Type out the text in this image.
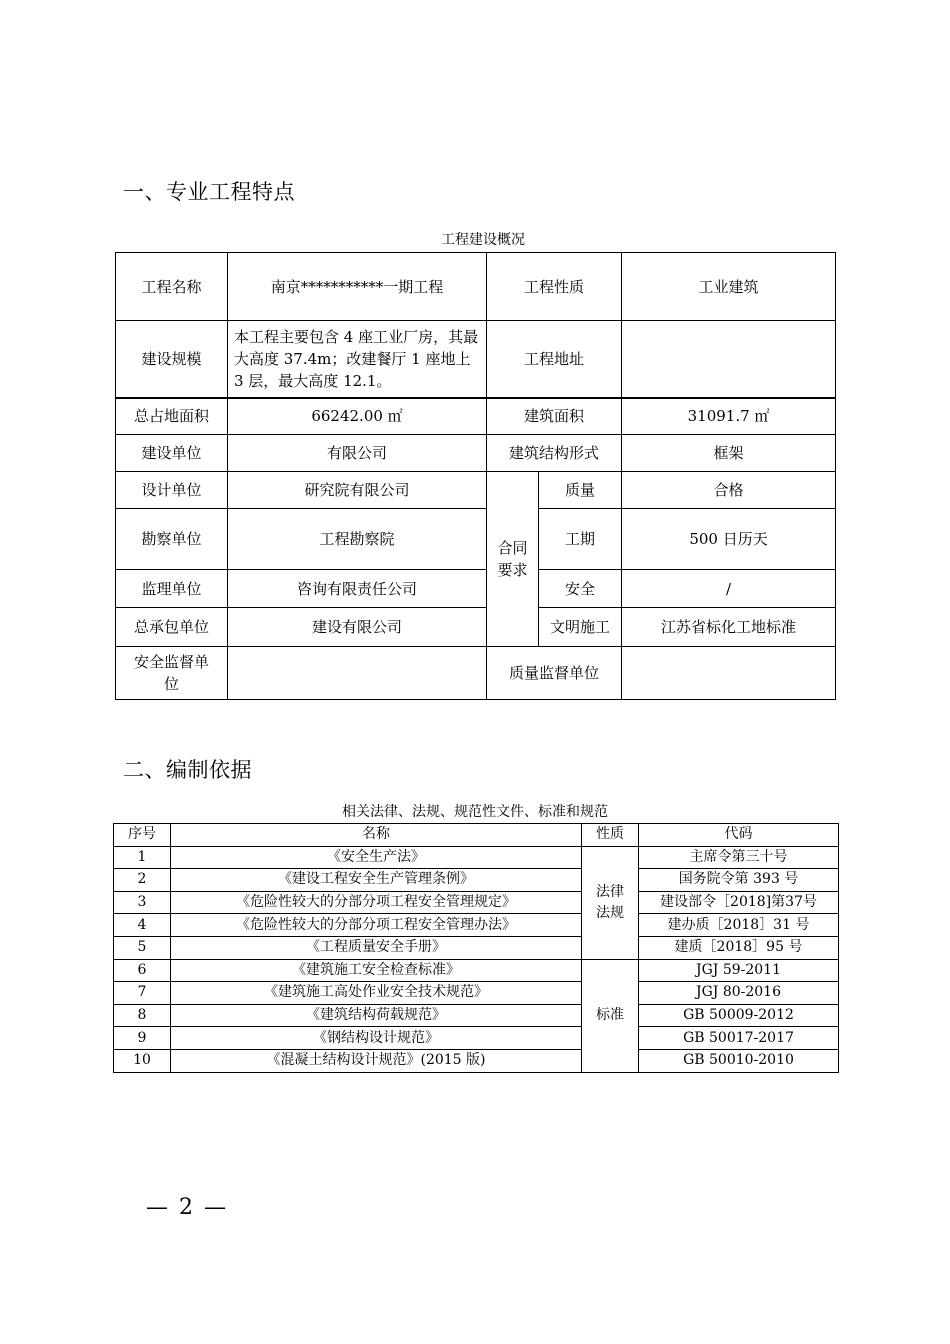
一、专业工程特点
工程建设概况
工程名称	南京***********一期工程	工程性质		工业建筑
建设规模	本工程主要包含 4 座工业厂房，其最大高度 37.4m；改建餐厅 1 座地上 3 层，最大高度 12.1。	工程地址		
总占地面积	66242.00 ㎡	建筑面积		31091.7 ㎡
建设单位	有限公司	建筑结构形式		框架
设计单位	研究院有限公司	合同要求	质量	合格
勘察单位	工程勘察院		工期	500 日历天
监理单位	咨询有限责任公司		安全	/
总承包单位	建设有限公司		文明施工	江苏省标化工地标准
安全监督单位		质量监督单位		
二、编制依据
相关法律、法规、规范性文件、标准和规范
序号	名称	性质	代码
1	《安全生产法》	法律法规	主席令第三十号
2	《建设工程安全生产管理条例》		国务院令第 393 号
3	《危险性较大的分部分项工程安全管理规定》		建设部令［2018]第37号
4	《危险性较大的分部分项工程安全管理办法》		建办质［2018］31 号
5	《工程质量安全手册》		建质［2018］95 号
6	《建筑施工安全检查标准》	标准	JGJ 59-2011
7	《建筑施工高处作业安全技术规范》		JGJ 80-2016
8	《建筑结构荷载规范》		GB 50009-2012
9	《钢结构设计规范》		GB 50017-2017
10	《混凝土结构设计规范》(2015 版)		GB 50010-2010
— 2 —
